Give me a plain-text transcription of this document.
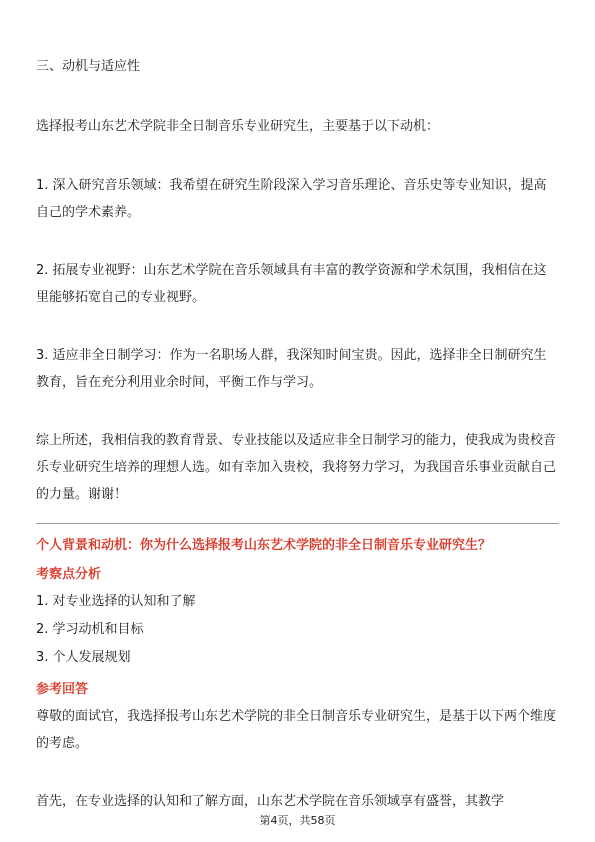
三、动机与适应性

选择报考山东艺术学院非全日制音乐专业研究生，主要基于以下动机：

1. 深入研究音乐领域：我希望在研究生阶段深入学习音乐理论、音乐史等专业知识，提高自己的学术素养。

2. 拓展专业视野：山东艺术学院在音乐领域具有丰富的教学资源和学术氛围，我相信在这里能够拓宽自己的专业视野。

3. 适应非全日制学习：作为一名职场人群，我深知时间宝贵。因此，选择非全日制研究生教育，旨在充分利用业余时间，平衡工作与学习。

综上所述，我相信我的教育背景、专业技能以及适应非全日制学习的能力，使我成为贵校音乐专业研究生培养的理想人选。如有幸加入贵校，我将努力学习，为我国音乐事业贡献自己的力量。谢谢！

个人背景和动机：你为什么选择报考山东艺术学院的非全日制音乐专业研究生？
考察点分析
1. 对专业选择的认知和了解
2. 学习动机和目标
3. 个人发展规划
参考回答

尊敬的面试官，我选择报考山东艺术学院的非全日制音乐专业研究生，是基于以下两个维度的考虑。

首先，在专业选择的认知和了解方面，山东艺术学院在音乐领域享有盛誉，其教学

第4页，共58页
